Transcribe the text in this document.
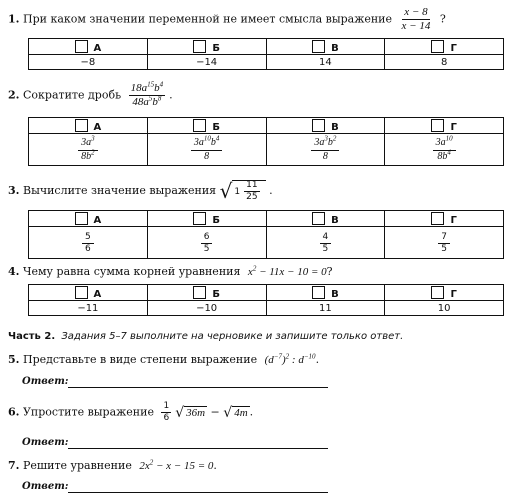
1. При каком значении переменной не имеет смысла выражение $\frac{x - 8}{x - 14}$ ?
А	Б	В	Г
−8	−14	14	8
2. Сократите дробь $\frac{18a^{15}b^4}{48a^5b^8}$ .
А	Б	В	Г

$\frac{3a^3}{8b^2}$	$\frac{3a^{10}b^4}{8}$	$\frac{3a^3b^2}{8}$	$\frac{3a^{10}}{8b^4}$
3. Вычислите значение выражения √ $1 \frac{11}{25}$ .
А	Б	В	Г

$\frac{5}{6}$	$\frac{6}{5}$	$\frac{4}{5}$	$\frac{7}{5}$
4. Чему равна сумма корней уравнения $x^2 - 11x - 10 = 0$?
А	Б	В	Г
−11	−10	11	10
Часть 2. Задания 5–7 выполните на черновике и запишите только ответ.
5. Представьте в виде степени выражение $(d^{-7})^2$ : $d^{-10}$.
Ответ:
6. Упростите выражение $\frac{1}{6}$ √ 36m − √ 4m .
Ответ:
7. Решите уравнение $2x^2 - x - 15 = 0$.
Ответ:
